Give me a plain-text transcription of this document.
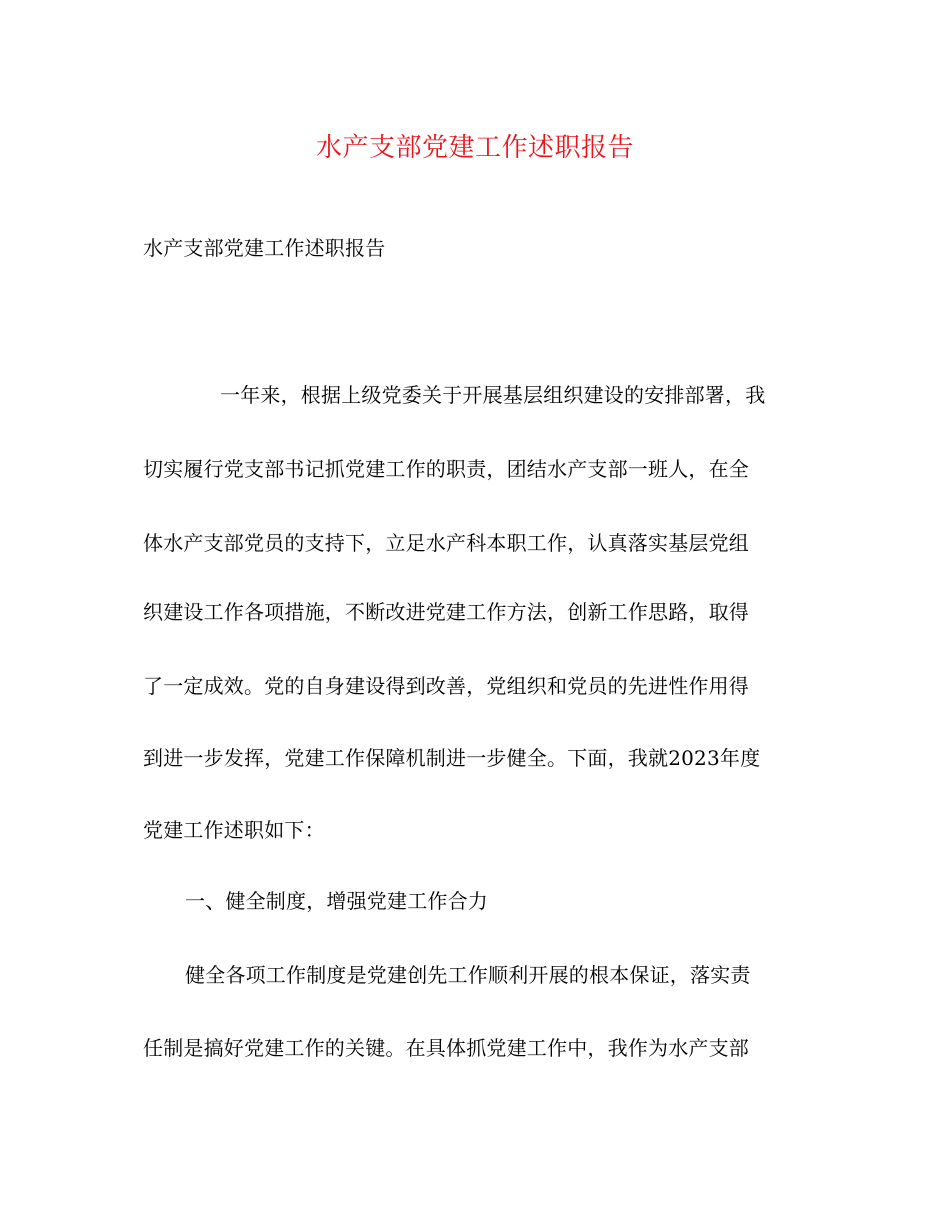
水产支部党建工作述职报告
水产支部党建工作述职报告
一年来，根据上级党委关于开展基层组织建设的安排部署，我
切实履行党支部书记抓党建工作的职责，团结水产支部一班人，在全
体水产支部党员的支持下，立足水产科本职工作，认真落实基层党组
织建设工作各项措施，不断改进党建工作方法，创新工作思路，取得
了一定成效。党的自身建设得到改善，党组织和党员的先进性作用得
到进一步发挥，党建工作保障机制进一步健全。下面，我就2023年度
党建工作述职如下：
一、健全制度，增强党建工作合力
健全各项工作制度是党建创先工作顺利开展的根本保证，落实责
任制是搞好党建工作的关键。在具体抓党建工作中，我作为水产支部
